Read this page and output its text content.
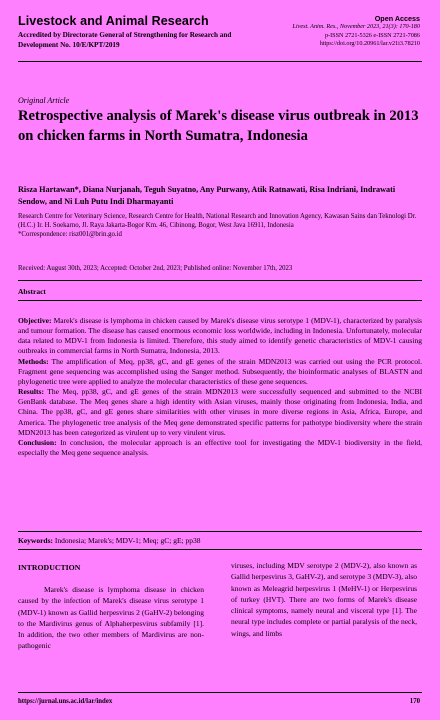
Livestock and Animal Research
Accredited by Directorate General of Strengthening for Research and Development No. 10/E/KPT/2019
Open Access
Livest. Anim. Res., November 2023, 21(3): 170-180
p-ISSN 2721-5326 e-ISSN 2721-7086
https://doi.org/10.20961/lar.v21i3.78210
Original Article
Retrospective analysis of Marek's disease virus outbreak in 2013 on chicken farms in North Sumatra, Indonesia
Risza Hartawan*, Diana Nurjanah, Teguh Suyatno, Any Purwany, Atik Ratnawati, Risa Indriani, Indrawati Sendow, and Ni Luh Putu Indi Dharmayanti
Research Centre for Veterinary Science, Research Centre for Health, National Research and Innovation Agency, Kawasan Sains dan Teknologi Dr. (H.C.) Ir. H. Soekarno, Jl. Raya Jakarta-Bogor Km. 46, Cibinong, Bogor, West Java 16911, Indonesia
*Correspondence: risz001@brin.go.id
Received: August 30th, 2023; Accepted: October 2nd, 2023; Published online: November 17th, 2023
Abstract

Objective: Marek's disease is lymphoma in chicken caused by Marek's disease virus serotype 1 (MDV-1), characterized by paralysis and tumour formation. The disease has caused enormous economic loss worldwide, including in Indonesia. Unfortunately, molecular data related to MDV-1 from Indonesia is limited. Therefore, this study aimed to identify genetic characteristics of MDV-1 causing outbreaks in commercial farms in North Sumatra, Indonesia, 2013.

Methods: The amplification of Meq, pp38, gC, and gE genes of the strain MDN2013 was carried out using the PCR protocol. Fragment gene sequencing was accomplished using the Sanger method. Subsequently, the bioinformatic analyses of BLASTN and phylogenetic tree were applied to analyze the molecular characteristics of these gene sequences.

Results: The Meq, pp38, gC, and gE genes of the strain MDN2013 were successfully sequenced and submitted to the NCBI GenBank database. The Meq genes share a high identity with Asian viruses, mainly those originating from Indonesia, India, and China. The pp38, gC, and gE genes share similarities with other viruses in more diverse regions in Asia, Africa, Europe, and America. The phylogenetic tree analysis of the Meq gene demonstrated specific patterns for pathotype biodiversity where the strain MDN2013 has been categorized as virulent up to very virulent virus.

Conclusion: In conclusion, the molecular approach is an effective tool for investigating the MDV-1 biodiversity in the field, especially the Meq gene sequence analysis.

Keywords: Indonesia; Marek's; MDV-1; Meq; gC; gE; pp38
INTRODUCTION
Marek's disease is lymphoma disease in chicken caused by the infection of Marek's disease virus serotype 1 (MDV-1) known as Gallid herpesvirus 2 (GaHV-2) belonging to the Mardivirus genus of Alphaherpesvirus subfamily [1]. In addition, the two other members of Mardivirus are non-pathogenic
viruses, including MDV serotype 2 (MDV-2), also known as Gallid herpesvirus 3, GaHV-2), and serotype 3 (MDV-3), also known as Meleagrid herpesvirus 1 (MeHV-1) or Herpesvirus of turkey (HVT). There are two forms of Marek's disease clinical symptoms, namely neural and visceral type [1]. The neural type includes complete or partial paralysis of the neck, wings, and limbs
https://jurnal.uns.ac.id/lar/index	170
